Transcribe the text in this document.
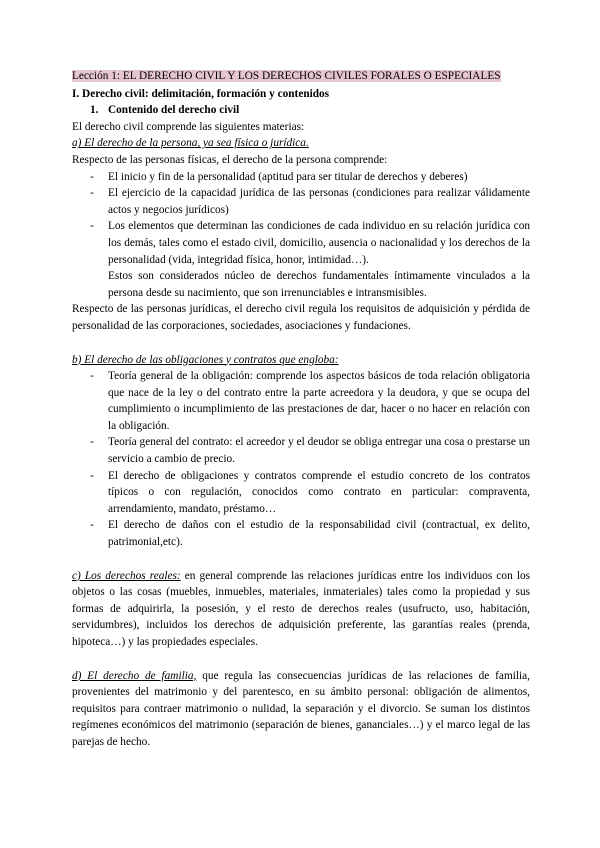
Lección 1: EL DERECHO CIVIL Y LOS DERECHOS CIVILES FORALES O ESPECIALES
I. Derecho civil: delimitación, formación y contenidos
1. Contenido del derecho civil

El derecho civil comprende las siguientes materias:

a) El derecho de la persona, ya sea física o jurídica.

Respecto de las personas físicas, el derecho de la persona comprende:

- El inicio y fin de la personalidad (aptitud para ser titular de derechos y deberes)
- El ejercicio de la capacidad jurídica de las personas (condiciones para realizar válidamente actos y negocios jurídicos)
- Los elementos que determinan las condiciones de cada individuo en su relación jurídica con los demás, tales como el estado civil, domicilio, ausencia o nacionalidad y los derechos de la personalidad (vida, integridad física, honor, intimidad…).

Estos son considerados núcleo de derechos fundamentales íntimamente vinculados a la persona desde su nacimiento, que son irrenunciables e intransmisibles.

Respecto de las personas jurídicas, el derecho civil regula los requisitos de adquisición y pérdida de personalidad de las corporaciones, sociedades, asociaciones y fundaciones.

b) El derecho de las obligaciones y contratos que engloba:

- Teoría general de la obligación: comprende los aspectos básicos de toda relación obligatoria que nace de la ley o del contrato entre la parte acreedora y la deudora, y que se ocupa del cumplimiento o incumplimiento de las prestaciones de dar, hacer o no hacer en relación con la obligación.
- Teoría general del contrato: el acreedor y el deudor se obliga entregar una cosa o prestarse un servicio a cambio de precio.
- El derecho de obligaciones y contratos comprende el estudio concreto de los contratos típicos o con regulación, conocidos como contrato en particular: compraventa, arrendamiento, mandato, préstamo…
- El derecho de daños con el estudio de la responsabilidad civil (contractual, ex delito, patrimonial,etc).

c) Los derechos reales: en general comprende las relaciones jurídicas entre los individuos con los objetos o las cosas (muebles, inmuebles, materiales, inmateriales) tales como la propiedad y sus formas de adquirirla, la posesión, y el resto de derechos reales (usufructo, uso, habitación, servidumbres), incluidos los derechos de adquisición preferente, las garantías reales (prenda, hipoteca…) y las propiedades especiales.

d) El derecho de familia, que regula las consecuencias jurídicas de las relaciones de familia, provenientes del matrimonio y del parentesco, en su ámbito personal: obligación de alimentos, requisitos para contraer matrimonio o nulidad, la separación y el divorcio. Se suman los distintos regímenes económicos del matrimonio (separación de bienes, gananciales…) y el marco legal de las parejas de hecho.
